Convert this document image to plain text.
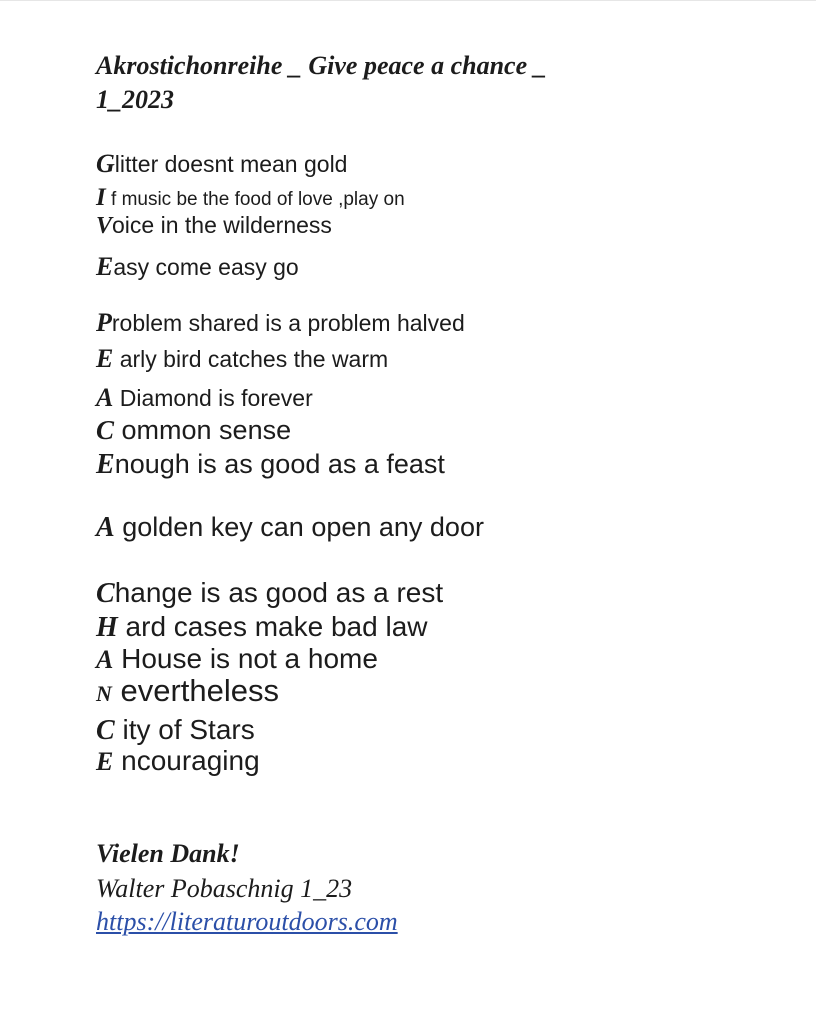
Akrostichonreihe _ Give peace a chance _
1_2023
Glitter doesnt mean gold
I f music be the food of love ,play on
Voice in the wilderness
Easy come easy go
Problem shared is a problem halved
E arly bird catches the warm
A Diamond is forever
C ommon sense
Enough is as good as a feast
A golden key can open any door
Change is as good as a rest
H ard cases make bad law
A House is not a home
N evertheless
C ity of Stars
E ncouraging
Vielen Dank!
Walter Pobaschnig 1_23
https://literaturoutdoors.com
